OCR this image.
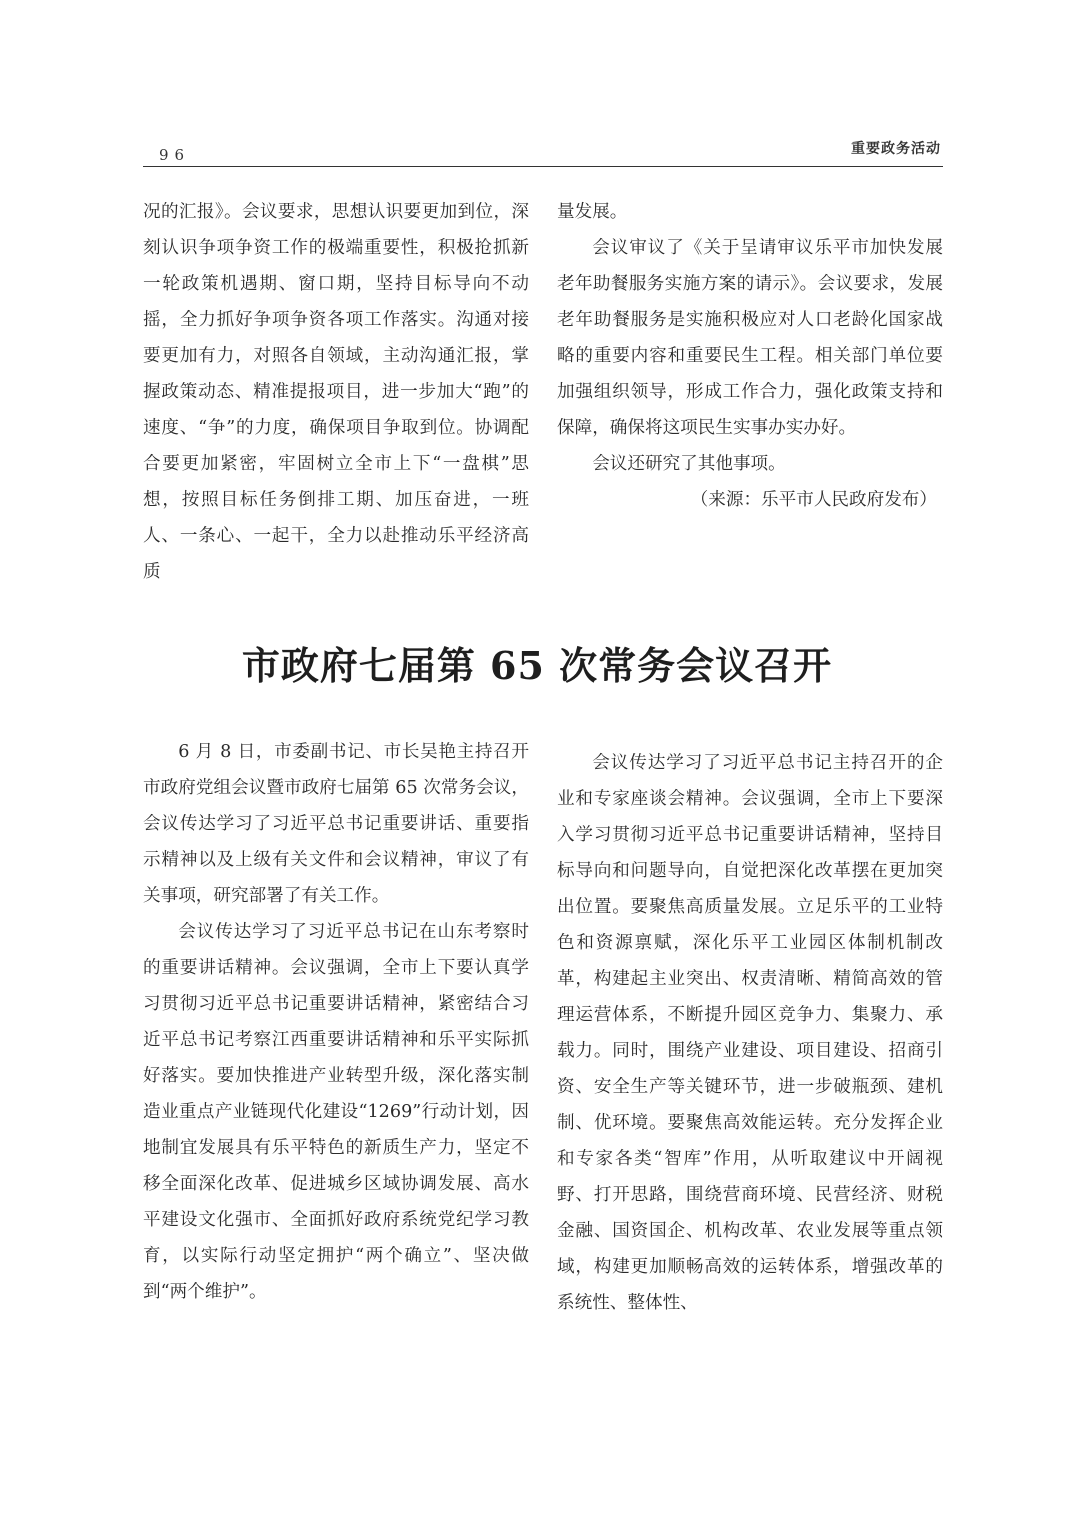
96	重要政务活动

况的汇报》。会议要求，思想认识要更加到位，深刻认识争项争资工作的极端重要性，积极抢抓新一轮政策机遇期、窗口期，坚持目标导向不动摇，全力抓好争项争资各项工作落实。沟通对接要更加有力，对照各自领域，主动沟通汇报，掌握政策动态、精准提报项目，进一步加大“跑”的速度、“争”的力度，确保项目争取到位。协调配合要更加紧密，牢固树立全市上下“一盘棋”思想，按照目标任务倒排工期、加压奋进，一班人、一条心、一起干，全力以赴推动乐平经济高质

量发展。

会议审议了《关于呈请审议乐平市加快发展老年助餐服务实施方案的请示》。会议要求，发展老年助餐服务是实施积极应对人口老龄化国家战略的重要内容和重要民生工程。相关部门单位要加强组织领导，形成工作合力，强化政策支持和保障，确保将这项民生实事办实办好。

会议还研究了其他事项。

（来源：乐平市人民政府发布）

市政府七届第 65 次常务会议召开

6 月 8 日，市委副书记、市长吴艳主持召开市政府党组会议暨市政府七届第 65 次常务会议，会议传达学习了习近平总书记重要讲话、重要指示精神以及上级有关文件和会议精神，审议了有关事项，研究部署了有关工作。

会议传达学习了习近平总书记在山东考察时的重要讲话精神。会议强调，全市上下要认真学习贯彻习近平总书记重要讲话精神，紧密结合习近平总书记考察江西重要讲话精神和乐平实际抓好落实。要加快推进产业转型升级，深化落实制造业重点产业链现代化建设“1269”行动计划，因地制宜发展具有乐平特色的新质生产力，坚定不移全面深化改革、促进城乡区域协调发展、高水平建设文化强市、全面抓好政府系统党纪学习教育，以实际行动坚定拥护“两个确立”、坚决做到“两个维护”。

会议传达学习了习近平总书记主持召开的企业和专家座谈会精神。会议强调，全市上下要深入学习贯彻习近平总书记重要讲话精神，坚持目标导向和问题导向，自觉把深化改革摆在更加突出位置。要聚焦高质量发展。立足乐平的工业特色和资源禀赋，深化乐平工业园区体制机制改革，构建起主业突出、权责清晰、精简高效的管理运营体系，不断提升园区竞争力、集聚力、承载力。同时，围绕产业建设、项目建设、招商引资、安全生产等关键环节，进一步破瓶颈、建机制、优环境。要聚焦高效能运转。充分发挥企业和专家各类“智库”作用，从听取建议中开阔视野、打开思路，围绕营商环境、民营经济、财税金融、国资国企、机构改革、农业发展等重点领域，构建更加顺畅高效的运转体系，增强改革的系统性、整体性、
